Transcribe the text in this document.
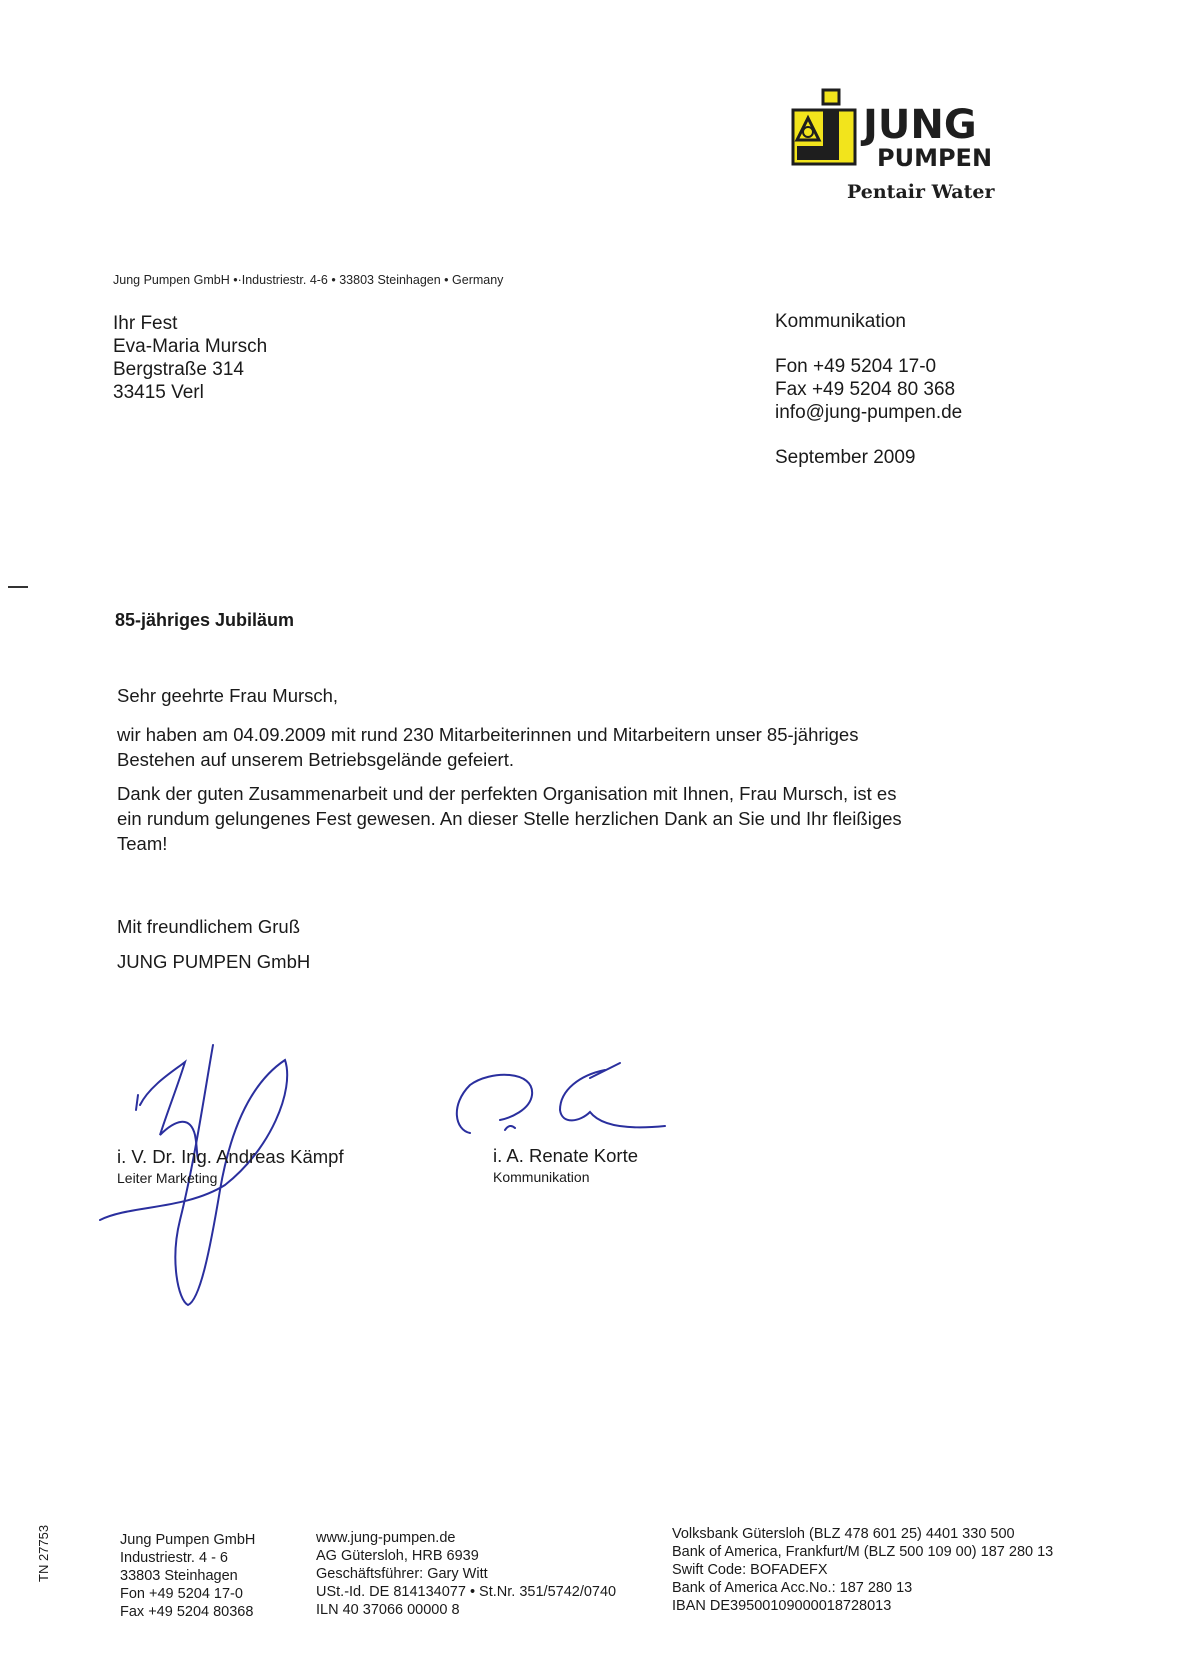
JUNG
PUMPEN
Pentair Water
Jung Pumpen GmbH •·Industriestr. 4-6 • 33803 Steinhagen • Germany
Ihr Fest
Eva-Maria Mursch
Bergstraße 314
33415 Verl
Kommunikation
Fon +49 5204 17-0
Fax +49 5204 80 368
info@jung-pumpen.de
September 2009
85-jähriges Jubiläum

Sehr geehrte Frau Mursch,

wir haben am 04.09.2009 mit rund 230 Mitarbeiterinnen und Mitarbeitern unser 85-jähriges Bestehen auf unserem Betriebsgelände gefeiert.

Dank der guten Zusammenarbeit und der perfekten Organisation mit Ihnen, Frau Mursch, ist es ein rundum gelungenes Fest gewesen. An dieser Stelle herzlichen Dank an Sie und Ihr fleißiges Team!

Mit freundlichem Gruß
JUNG PUMPEN GmbH
i. V. Dr. Ing. Andreas Kämpf
Leiter Marketing
i. A. Renate Korte
Kommunikation
Jung Pumpen GmbH
Industriestr. 4 - 6
33803 Steinhagen
Fon +49 5204 17-0
Fax +49 5204 80368
www.jung-pumpen.de
AG Gütersloh, HRB 6939
Geschäftsführer: Gary Witt
USt.-Id. DE 814134077 • St.Nr. 351/5742/0740
ILN 40 37066 00000 8
Volksbank Gütersloh (BLZ 478 601 25) 4401 330 500
Bank of America, Frankfurt/M (BLZ 500 109 00) 187 280 13
Swift Code: BOFADEFX
Bank of America Acc.No.: 187 280 13
IBAN DE39500109000018728013
TN 27753
